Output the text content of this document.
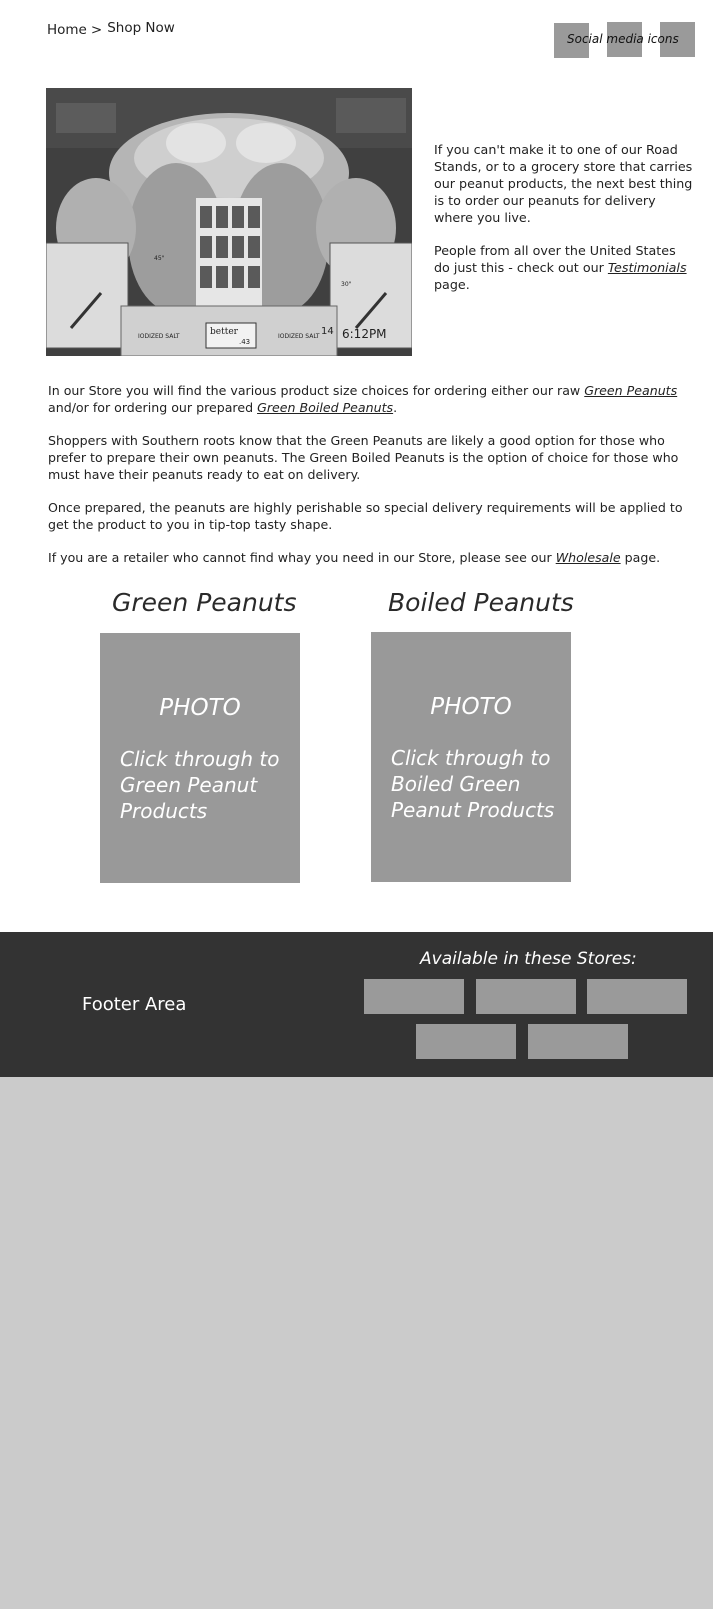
Home > Shop Now
Social media icons
IODIZED SALT	IODIZED SALT
better
.43
14 6:12PM
45"
30"

If you can't make it to one of our Road Stands, or to a grocery store that carries our peanut products, the next best thing is to order our peanuts for delivery where you live.

People from all over the United States do just this - check out our Testimonials page.

In our Store you will find the various product size choices for ordering either our raw Green Peanuts and/or for ordering our prepared Green Boiled Peanuts.

Shoppers with Southern roots know that the Green Peanuts are likely a good option for those who prefer to prepare their own peanuts. The Green Boiled Peanuts is the option of choice for those who must have their peanuts ready to eat on delivery.

Once prepared, the peanuts are highly perishable so special delivery requirements will be applied to get the product to you in tip-top tasty shape.

If you are a retailer who cannot find whay you need in our Store, please see our Wholesale page.

Green Peanuts
PHOTO
Click through to Green Peanut Products
Boiled Peanuts
PHOTO
Click through to Boiled Green Peanut Products
Footer Area
Available in these Stores:
